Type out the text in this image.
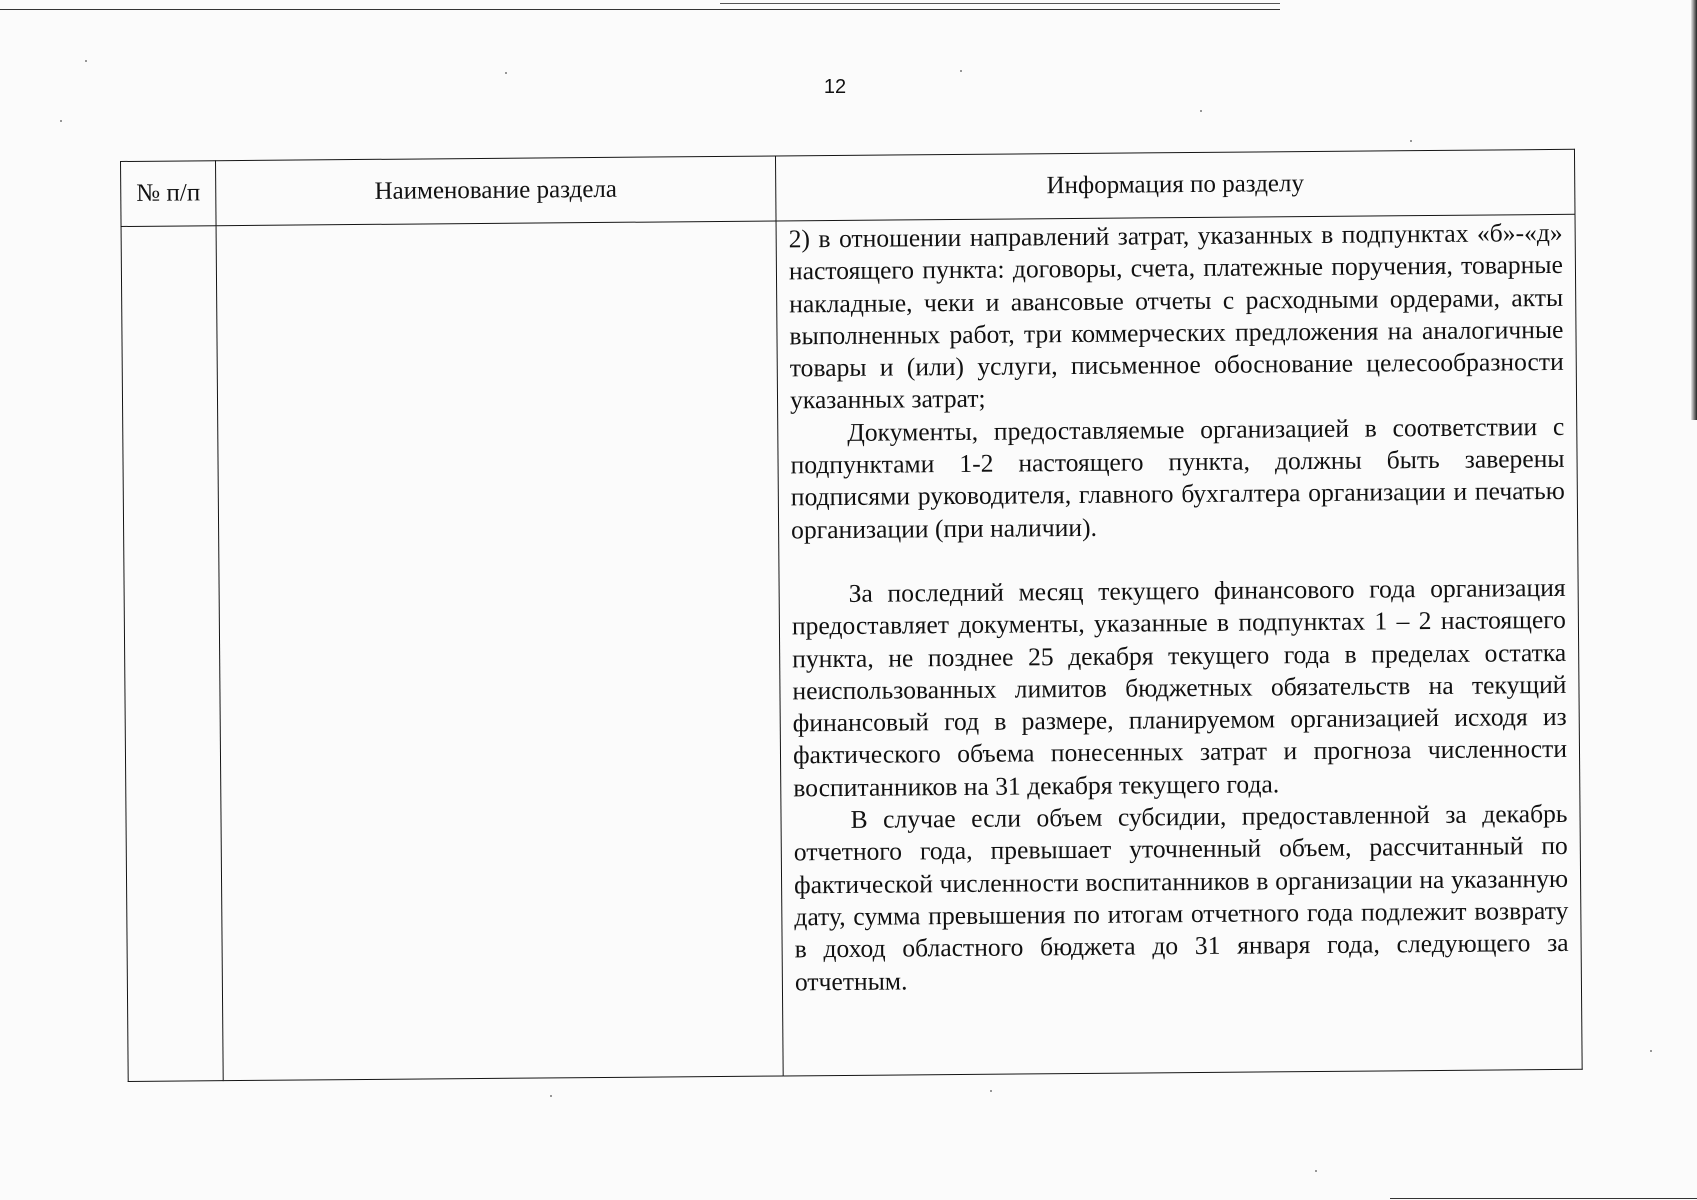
12
№ п/п	Наименование раздела	Информация по разделу

		2) в отношении направлений затрат, указанных в подпунктах «б»-«д» настоящего пункта: договоры, счета, платежные поручения, товарные накладные, чеки и авансовые отчеты с расходными ордерами, акты выполненных работ, три коммерческих предложения на аналогичные товары и (или) услуги, письменное обоснование целесообразности указанных затрат;

Документы, предоставляемые организацией в соответствии с подпунктами 1-2 настоящего пункта, должны быть заверены подписями руководителя, главного бухгалтера организации и печатью организации (при наличии).

За последний месяц текущего финансового года организация предоставляет документы, указанные в подпунктах 1 – 2 настоящего пункта, не позднее 25 декабря текущего года в пределах остатка неиспользованных лимитов бюджетных обязательств на текущий финансовый год в размере, планируемом организацией исходя из фактического объема понесенных затрат и прогноза численности воспитанников на 31 декабря текущего года.

В случае если объем субсидии, предоставленной за декабрь отчетного года, превышает уточненный объем, рассчитанный по фактической численности воспитанников в организации на указанную дату, сумма превышения по итогам отчетного года подлежит возврату в доход областного бюджета до 31 января года, следующего за отчетным.
